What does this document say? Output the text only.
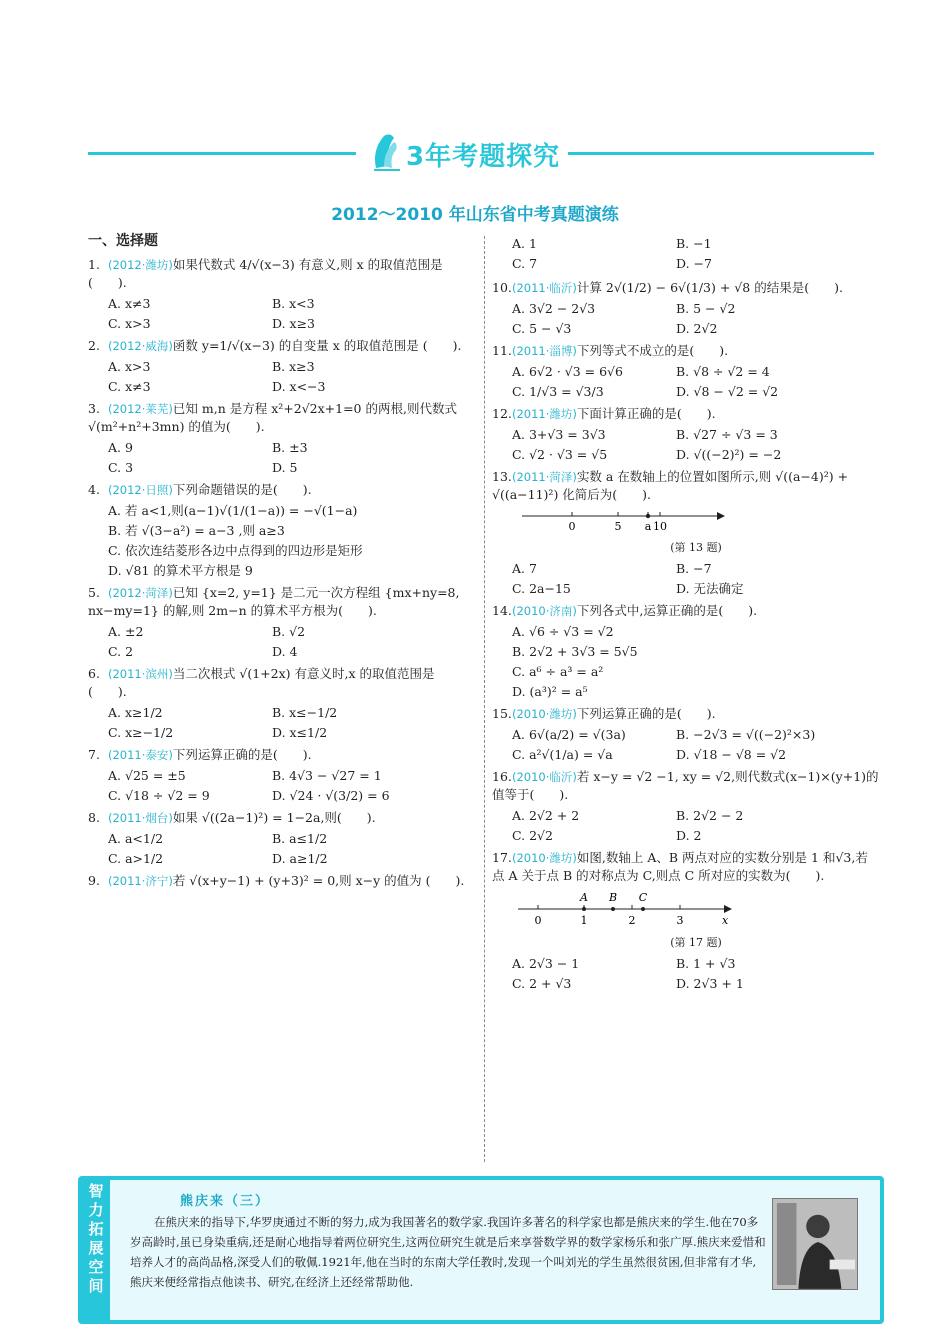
3年考题探究
2012～2010 年山东省中考真题演练
一、选择题
1. (2012·潍坊)如果代数式 4/√(x−3) 有意义,则 x 的取值范围是 (　　).
A. x≠3	B. x<3
C. x>3	D. x≥3
2. (2012·威海)函数 y=1/√(x−3) 的自变量 x 的取值范围是 (　　).
A. x>3	B. x≥3
C. x≠3	D. x<−3
3. (2012·莱芜)已知 m,n 是方程 x²+2√2x+1=0 的两根,则代数式 √(m²+n²+3mn) 的值为(　　).
A. 9	B. ±3
C. 3	D. 5
4. (2012·日照)下列命题错误的是(　　).
A. 若 a<1,则(a−1)√(1/(1−a)) = −√(1−a)
B. 若 √(3−a²) = a−3 ,则 a≥3
C. 依次连结菱形各边中点得到的四边形是矩形
D. √81 的算术平方根是 9
5. (2012·菏泽)已知 {x=2, y=1} 是二元一次方程组 {mx+ny=8, nx−my=1} 的解,则 2m−n 的算术平方根为(　　).
A. ±2	B. √2
C. 2	D. 4
6. (2011·滨州)当二次根式 √(1+2x) 有意义时,x 的取值范围是 (　　).
A. x≥1/2	B. x≤−1/2
C. x≥−1/2	D. x≤1/2
7. (2011·泰安)下列运算正确的是(　　).
A. √25 = ±5	B. 4√3 − √27 = 1
C. √18 ÷ √2 = 9	D. √24 · √(3/2) = 6
8. (2011·烟台)如果 √((2a−1)²) = 1−2a,则(　　).
A. a<1/2	B. a≤1/2
C. a>1/2	D. a≥1/2
9. (2011·济宁)若 √(x+y−1) + (y+3)² = 0,则 x−y 的值为 (　　).
A. 1	B. −1
C. 7	D. −7
10.(2011·临沂)计算 2√(1/2) − 6√(1/3) + √8 的结果是(　　).
A. 3√2 − 2√3	B. 5 − √2
C. 5 − √3	D. 2√2
11.(2011·淄博)下列等式不成立的是(　　).
A. 6√2 · √3 = 6√6	B. √8 ÷ √2 = 4
C. 1/√3 = √3/3	D. √8 − √2 = √2
12.(2011·潍坊)下面计算正确的是(　　).
A. 3+√3 = 3√3	B. √27 ÷ √3 = 3
C. √2 · √3 = √5	D. √((−2)²) = −2
13.(2011·菏泽)实数 a 在数轴上的位置如图所示,则 √((a−4)²) + √((a−11)²) 化简后为(　　).
0	5 a 10
(第 13 题)
A. 7	B. −7
C. 2a−15	D. 无法确定
14.(2010·济南)下列各式中,运算正确的是(　　).
A. √6 ÷ √3 = √2
B. 2√2 + 3√3 = 5√5
C. a⁶ ÷ a³ = a²
D. (a³)² = a⁵
15.(2010·潍坊)下列运算正确的是(　　).
A. 6√(a/2) = √(3a)	B. −2√3 = √((−2)²×3)
C. a²√(1/a) = √a	D. √18 − √8 = √2
16.(2010·临沂)若 x−y = √2 −1, xy = √2,则代数式(x−1)×(y+1)的值等于(　　).
A. 2√2 + 2	B. 2√2 − 2
C. 2√2	D. 2
17.(2010·潍坊)如图,数轴上 A、B 两点对应的实数分别是 1 和√3,若点 A 关于点 B 的对称点为 C,则点 C 所对应的实数为(　　).
0	1	2	3
A B C
x
(第 17 题)
A. 2√3 − 1	B. 1 + √3
C. 2 + √3	D. 2√3 + 1
智力拓展空间
熊庆来（三）
在熊庆来的指导下,华罗庚通过不断的努力,成为我国著名的数学家.我国许多著名的科学家也都是熊庆来的学生.他在70多岁高龄时,虽已身染重病,还是耐心地指导着两位研究生,这两位研究生就是后来享誉数学界的数学家杨乐和张广厚.熊庆来爱惜和培养人才的高尚品格,深受人们的敬佩.1921年,他在当时的东南大学任教时,发现一个叫刘光的学生虽然很贫困,但非常有才华,熊庆来便经常指点他读书、研究,在经济上还经常帮助他.
